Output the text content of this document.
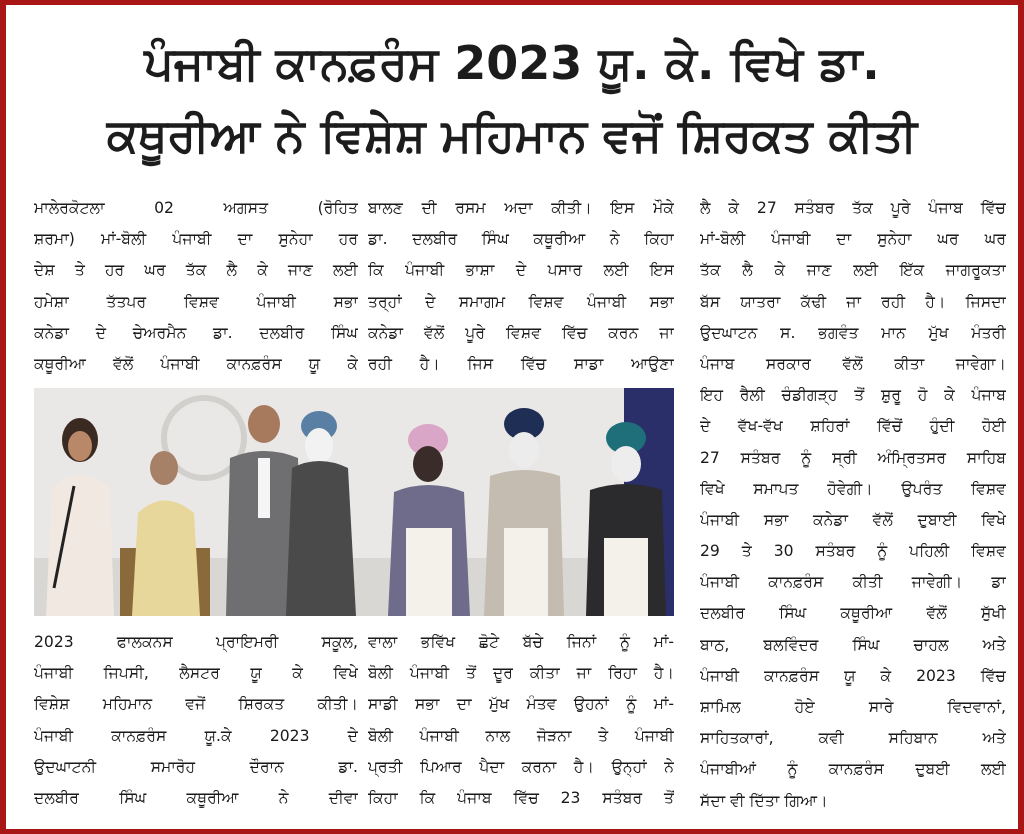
ਪੰਜਾਬੀ ਕਾਨਫ਼ਰੰਸ 2023 ਯੂ. ਕੇ. ਵਿਖੇ ਡਾ.
ਕਥੂਰੀਆ ਨੇ ਵਿਸ਼ੇਸ਼ ਮਹਿਮਾਨ ਵਜੋਂ ਸ਼ਿਰਕਤ ਕੀਤੀ
ਮਾਲੇਰਕੋਟਲਾ 02 ਅਗਸਤ (ਰੋਹਿਤ
ਸ਼ਰਮਾ) ਮਾਂ-ਬੋਲੀ ਪੰਜਾਬੀ ਦਾ ਸੁਨੇਹਾ ਹਰ
ਦੇਸ਼ ਤੇ ਹਰ ਘਰ ਤੱਕ ਲੈ ਕੇ ਜਾਣ ਲਈ
ਹਮੇਸ਼ਾ ਤੱਤਪਰ ਵਿਸ਼ਵ ਪੰਜਾਬੀ ਸਭਾ
ਕਨੇਡਾ ਦੇ ਚੇਅਰਮੈਨ ਡਾ. ਦਲਬੀਰ ਸਿੰਘ
ਕਥੂਰੀਆ ਵੱਲੋਂ ਪੰਜਾਬੀ ਕਾਨਫ਼ਰੰਸ ਯੂ ਕੇ
ਬਾਲਣ ਦੀ ਰਸਮ ਅਦਾ ਕੀਤੀ। ਇਸ ਮੌਕੇ
ਡਾ. ਦਲਬੀਰ ਸਿੰਘ ਕਥੂਰੀਆ ਨੇ ਕਿਹਾ
ਕਿ ਪੰਜਾਬੀ ਭਾਸ਼ਾ ਦੇ ਪਸਾਰ ਲਈ ਇਸ
ਤਰ੍ਹਾਂ ਦੇ ਸਮਾਗਮ ਵਿਸ਼ਵ ਪੰਜਾਬੀ ਸਭਾ
ਕਨੇਡਾ ਵੱਲੋਂ ਪੂਰੇ ਵਿਸ਼ਵ ਵਿੱਚ ਕਰਨ ਜਾ
ਰਹੀ ਹੈ। ਜਿਸ ਵਿੱਚ ਸਾਡਾ ਆਉਣਾ
ਲੈ ਕੇ 27 ਸਤੰਬਰ ਤੱਕ ਪੂਰੇ ਪੰਜਾਬ ਵਿੱਚ
ਮਾਂ-ਬੋਲੀ ਪੰਜਾਬੀ ਦਾ ਸੁਨੇਹਾ ਘਰ ਘਰ
ਤੱਕ ਲੈ ਕੇ ਜਾਣ ਲਈ ਇੱਕ ਜਾਗਰੂਕਤਾ
ਬੱਸ ਯਾਤਰਾ ਕੱਢੀ ਜਾ ਰਹੀ ਹੈ। ਜਿਸਦਾ
ਉਦਘਾਟਨ ਸ. ਭਗਵੰਤ ਮਾਨ ਮੁੱਖ ਮੰਤਰੀ
ਪੰਜਾਬ ਸਰਕਾਰ ਵੱਲੋਂ ਕੀਤਾ ਜਾਵੇਗਾ।
ਇਹ ਰੈਲੀ ਚੰਡੀਗੜ੍ਹ ਤੋਂ ਸ਼ੁਰੂ ਹੋ ਕੇ ਪੰਜਾਬ
ਦੇ ਵੱਖ-ਵੱਖ ਸ਼ਹਿਰਾਂ ਵਿੱਚੋਂ ਹੁੰਦੀ ਹੋਈ
27 ਸਤੰਬਰ ਨੂੰ ਸ੍ਰੀ ਅੰਮ੍ਰਿਤਸਰ ਸਾਹਿਬ
ਵਿਖੇ ਸਮਾਪਤ ਹੋਵੇਗੀ। ਉਪਰੰਤ ਵਿਸ਼ਵ
ਪੰਜਾਬੀ ਸਭਾ ਕਨੇਡਾ ਵੱਲੋਂ ਦੁਬਾਈ ਵਿਖੇ
29 ਤੇ 30 ਸਤੰਬਰ ਨੂੰ ਪਹਿਲੀ ਵਿਸ਼ਵ
ਪੰਜਾਬੀ ਕਾਨਫ਼ਰੰਸ ਕੀਤੀ ਜਾਵੇਗੀ। ਡਾ
ਦਲਬੀਰ ਸਿੰਘ ਕਥੂਰੀਆ ਵੱਲੋਂ ਸੁੱਖੀ
ਬਾਠ, ਬਲਵਿੰਦਰ ਸਿੰਘ ਚਾਹਲ ਅਤੇ
ਪੰਜਾਬੀ ਕਾਨਫ਼ਰੰਸ ਯੂ ਕੇ 2023 ਵਿੱਚ
ਸ਼ਾਮਿਲ ਹੋਏ ਸਾਰੇ ਵਿਦਵਾਨਾਂ,
ਸਾਹਿਤਕਾਰਾਂ, ਕਵੀ ਸਹਿਬਾਨ ਅਤੇ
ਪੰਜਾਬੀਆਂ ਨੂੰ ਕਾਨਫ਼ਰੰਸ ਦੁਬਈ ਲਈ
ਸੱਦਾ ਵੀ ਦਿੱਤਾ ਗਿਆ।
2023 ਫਾਲਕਨਸ ਪ੍ਰਾਇਮਰੀ ਸਕੂਲ,
ਪੰਜਾਬੀ ਜਿਪਸੀ, ਲੈਸਟਰ ਯੂ ਕੇ ਵਿਖੇ
ਵਿਸ਼ੇਸ਼ ਮਹਿਮਾਨ ਵਜੋਂ ਸ਼ਿਰਕਤ ਕੀਤੀ।
ਪੰਜਾਬੀ ਕਾਨਫ਼ਰੰਸ ਯੂ.ਕੇ 2023 ਦੇ
ਉਦਘਾਟਨੀ ਸਮਾਰੋਹ ਦੌਰਾਨ ਡਾ.
ਦਲਬੀਰ ਸਿੰਘ ਕਥੂਰੀਆ ਨੇ ਦੀਵਾ
ਵਾਲਾ ਭਵਿੱਖ ਛੋਟੇ ਬੱਚੇ ਜਿਨਾਂ ਨੂੰ ਮਾਂ-
ਬੋਲੀ ਪੰਜਾਬੀ ਤੋਂ ਦੂਰ ਕੀਤਾ ਜਾ ਰਿਹਾ ਹੈ।
ਸਾਡੀ ਸਭਾ ਦਾ ਮੁੱਖ ਮੰਤਵ ਉਹਨਾਂ ਨੂੰ ਮਾਂ-
ਬੋਲੀ ਪੰਜਾਬੀ ਨਾਲ ਜੋੜਨਾ ਤੇ ਪੰਜਾਬੀ
ਪ੍ਰਤੀ ਪਿਆਰ ਪੈਦਾ ਕਰਨਾ ਹੈ। ਉਨ੍ਹਾਂ ਨੇ
ਕਿਹਾ ਕਿ ਪੰਜਾਬ ਵਿੱਚ 23 ਸਤੰਬਰ ਤੋਂ
